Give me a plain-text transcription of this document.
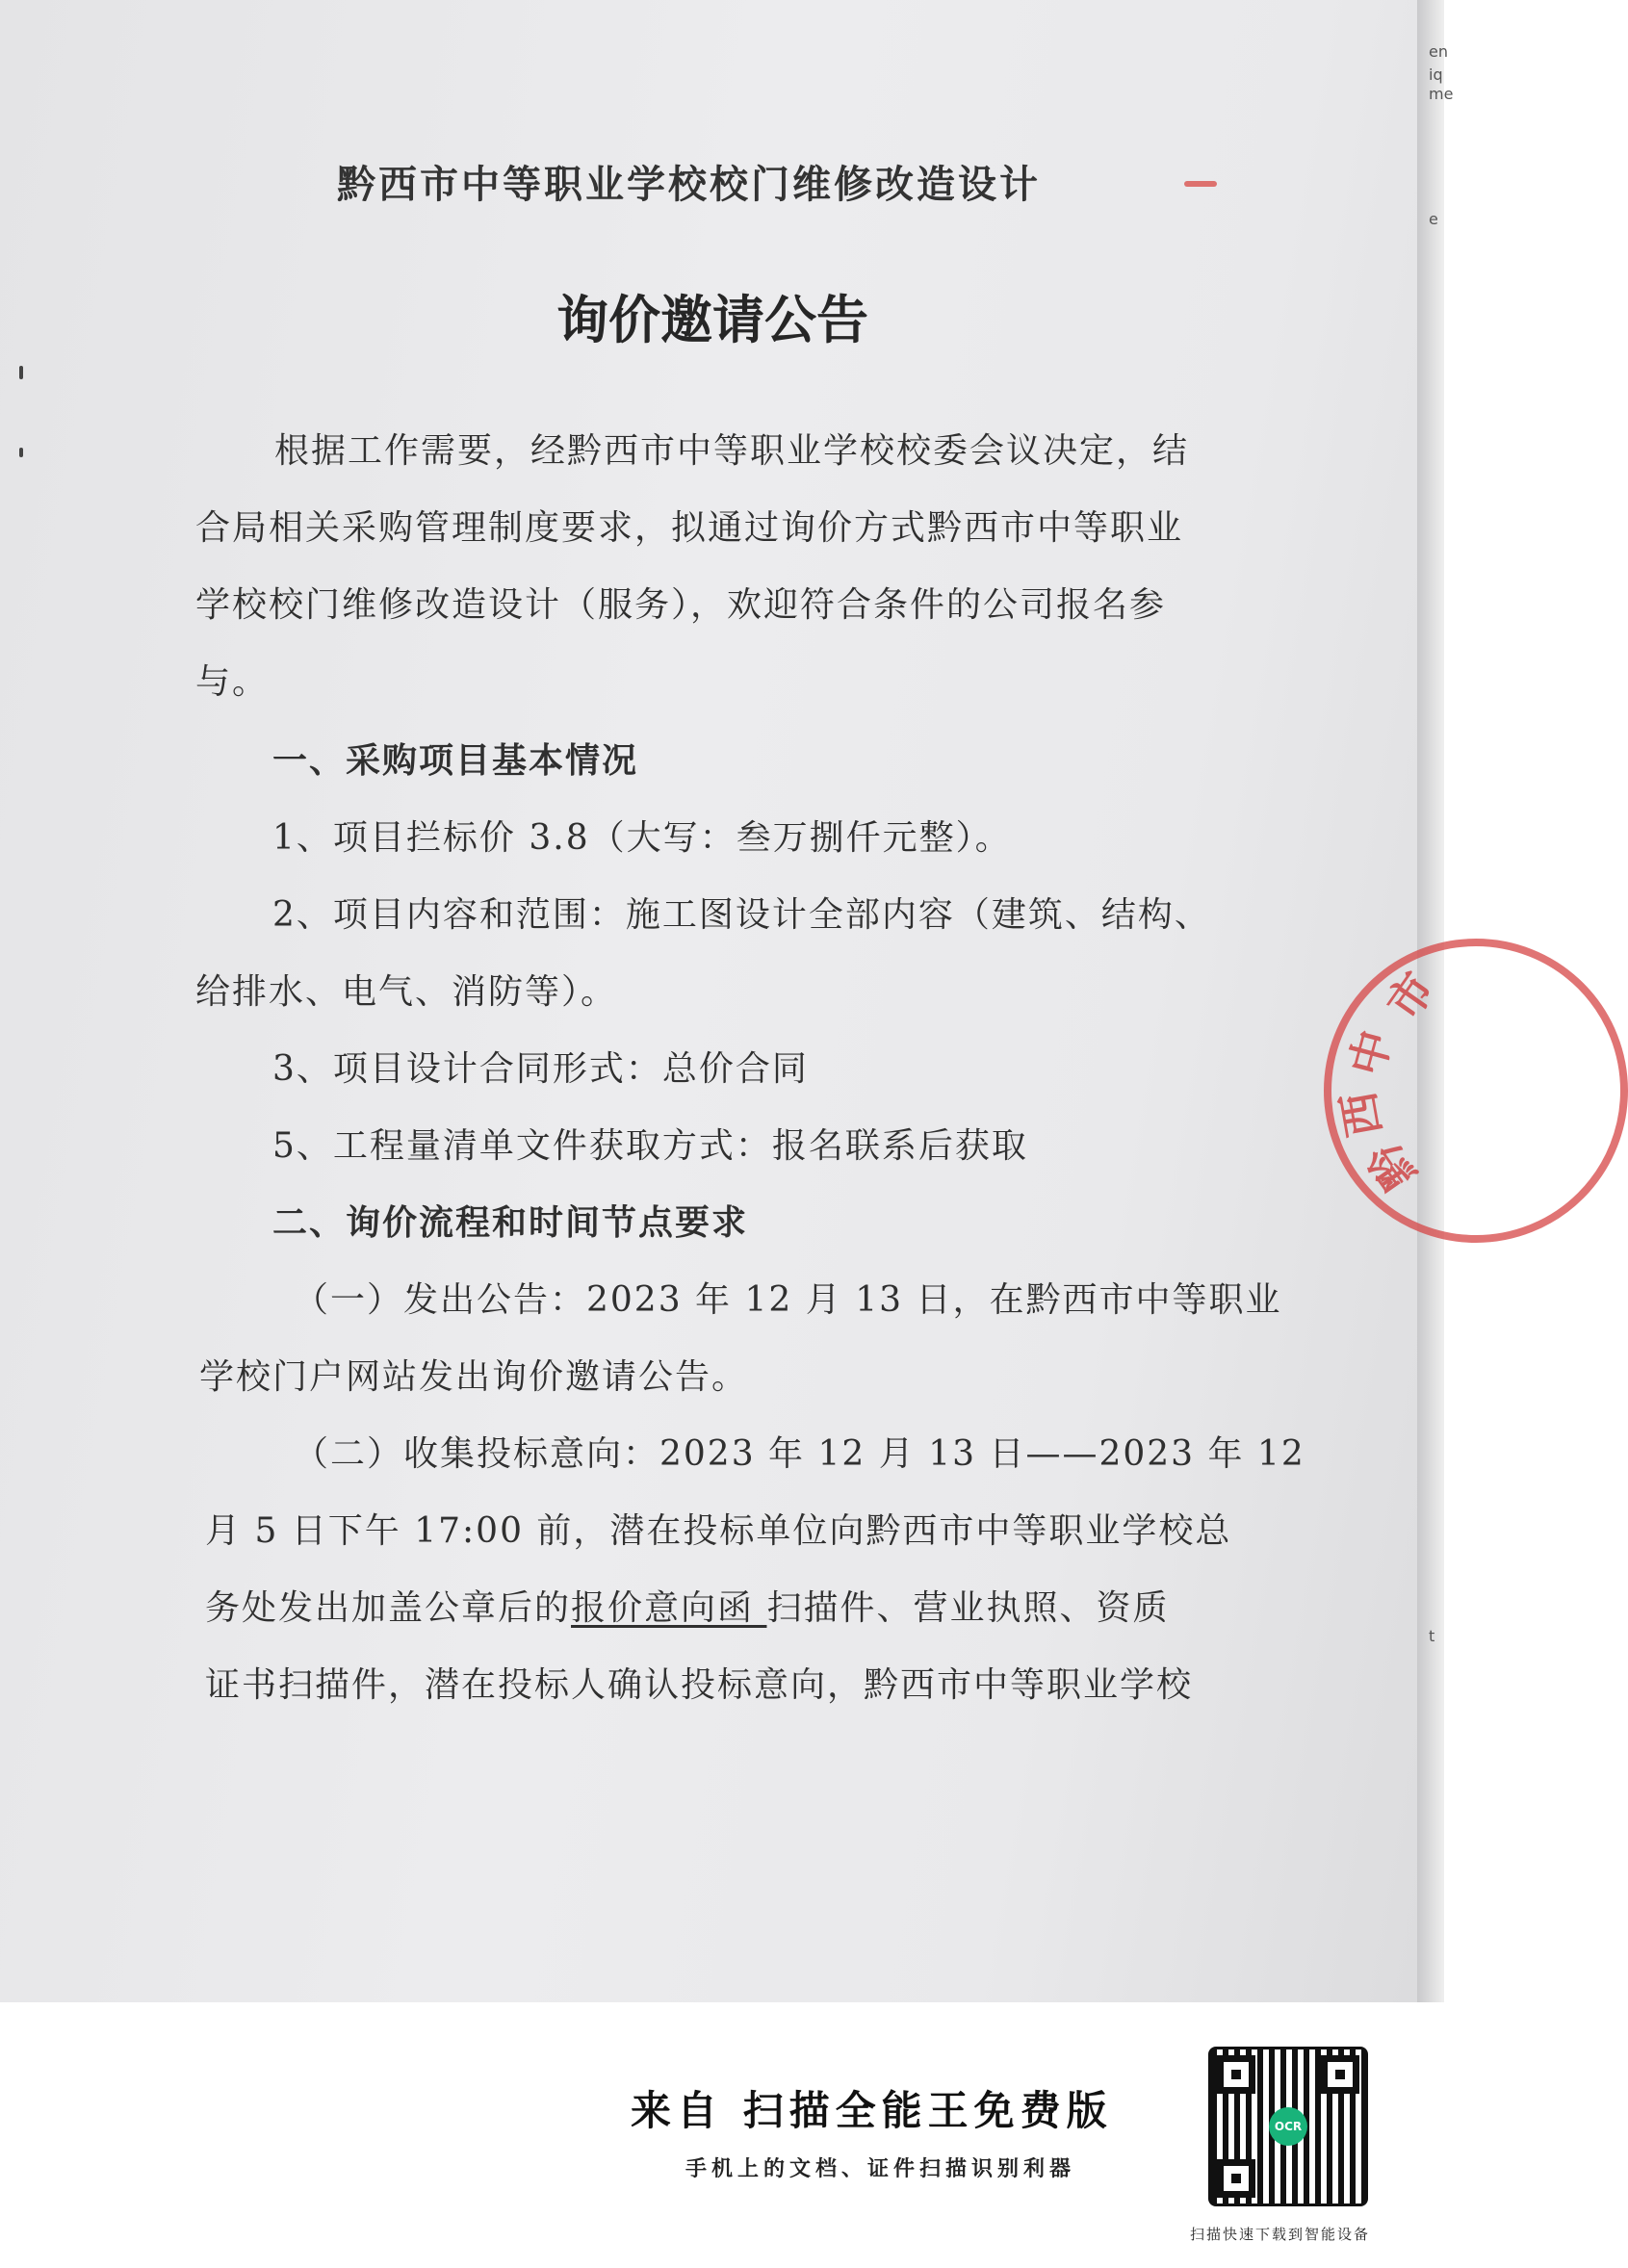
en
iq
me
e
t
黔西市中等职业学校校门维修改造设计
询价邀请公告
根据工作需要，经黔西市中等职业学校校委会议决定，结
合局相关采购管理制度要求，拟通过询价方式黔西市中等职业
学校校门维修改造设计（服务），欢迎符合条件的公司报名参
与。
一、采购项目基本情况
1、项目拦标价 3.8（大写：叁万捌仟元整）。
2、项目内容和范围：施工图设计全部内容（建筑、结构、
给排水、电气、消防等）。
3、项目设计合同形式：总价合同
5、工程量清单文件获取方式：报名联系后获取
二、询价流程和时间节点要求
（一）发出公告：2023 年 12 月 13 日，在黔西市中等职业
学校门户网站发出询价邀请公告。
（二）收集投标意向：2023 年 12 月 13 日——2023 年 12
月 5 日下午 17:00 前，潜在投标单位向黔西市中等职业学校总
务处发出加盖公章后的报价意向函 扫描件、营业执照、资质
证书扫描件，潜在投标人确认投标意向，黔西市中等职业学校
市
中
西
黔
来自 扫描全能王免费版
手机上的文档、证件扫描识别利器
OCR
扫描快速下载到智能设备
